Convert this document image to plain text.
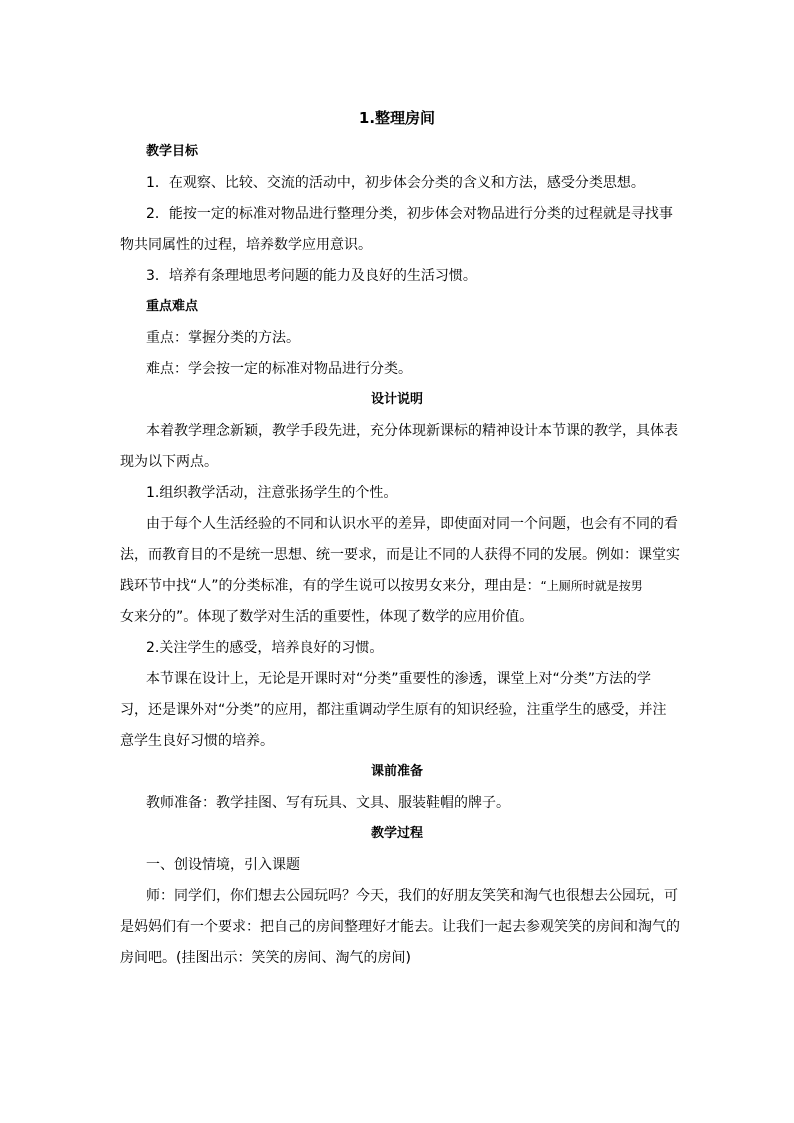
1.整理房间
教学目标
1．在观察、比较、交流的活动中，初步体会分类的含义和方法，感受分类思想。
2．能按一定的标准对物品进行整理分类，初步体会对物品进行分类的过程就是寻找事
物共同属性的过程，培养数学应用意识。
3．培养有条理地思考问题的能力及良好的生活习惯。
重点难点
重点：掌握分类的方法。
难点：学会按一定的标准对物品进行分类。
设计说明
本着教学理念新颖，教学手段先进，充分体现新课标的精神设计本节课的教学，具体表
现为以下两点。
1.组织教学活动，注意张扬学生的个性。
由于每个人生活经验的不同和认识水平的差异，即使面对同一个问题，也会有不同的看
法，而教育目的不是统一思想、统一要求，而是让不同的人获得不同的发展。例如：课堂实
践环节中找“人”的分类标准，有的学生说可以按男女来分，理由是：“上厕所时就是按男
女来分的”。体现了数学对生活的重要性，体现了数学的应用价值。
2.关注学生的感受，培养良好的习惯。
本节课在设计上，无论是开课时对“分类”重要性的渗透，课堂上对“分类”方法的学
习，还是课外对“分类”的应用，都注重调动学生原有的知识经验，注重学生的感受，并注
意学生良好习惯的培养。
课前准备
教师准备：教学挂图、写有玩具、文具、服装鞋帽的牌子。
教学过程
一、创设情境，引入课题
师：同学们，你们想去公园玩吗？今天，我们的好朋友笑笑和淘气也很想去公园玩，可
是妈妈们有一个要求：把自己的房间整理好才能去。让我们一起去参观笑笑的房间和淘气的
房间吧。(挂图出示：笑笑的房间、淘气的房间)
